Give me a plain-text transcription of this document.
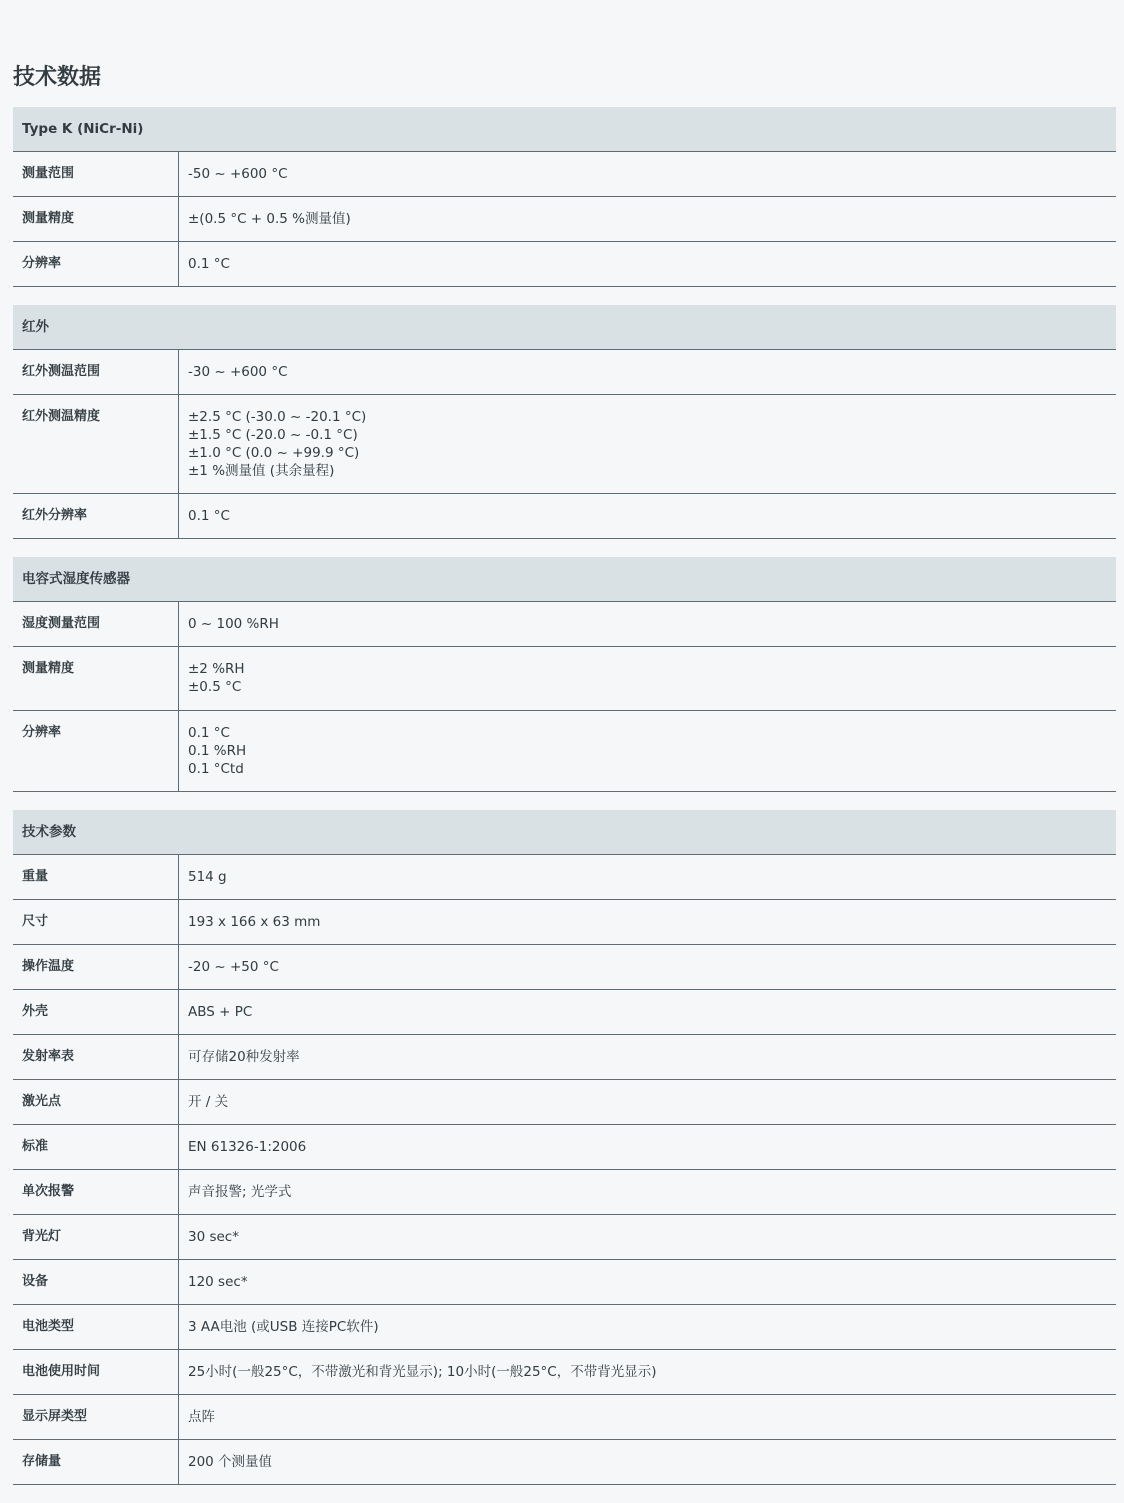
技术数据
Type K (NiCr-Ni)
测量范围	-50 ~ +600 °C
测量精度	±(0.5 °C + 0.5 %测量值)
分辨率	0.1 °C
红外
红外测温范围	-30 ~ +600 °C
红外测温精度	±2.5 °C (-30.0 ~ -20.1 °C)
±1.5 °C (-20.0 ~ -0.1 °C)
±1.0 °C (0.0 ~ +99.9 °C)
±1 %测量值 (其余量程)
红外分辨率	0.1 °C
电容式湿度传感器
湿度测量范围	0 ~ 100 %RH
测量精度	±2 %RH
±0.5 °C
分辨率	0.1 °C
0.1 %RH
0.1 °Ctd
技术参数
重量	514 g
尺寸	193 x 166 x 63 mm
操作温度	-20 ~ +50 °C
外壳	ABS + PC
发射率表	可存储20种发射率
激光点	开 / 关
标准	EN 61326-1:2006
单次报警	声音报警; 光学式
背光灯	30 sec*
设备	120 sec*
电池类型	3 AA电池 (或USB 连接PC软件)
电池使用时间	25小时(一般25°C，不带激光和背光显示); 10小时(一般25°C，不带背光显示)
显示屏类型	点阵
存储量	200 个测量值
